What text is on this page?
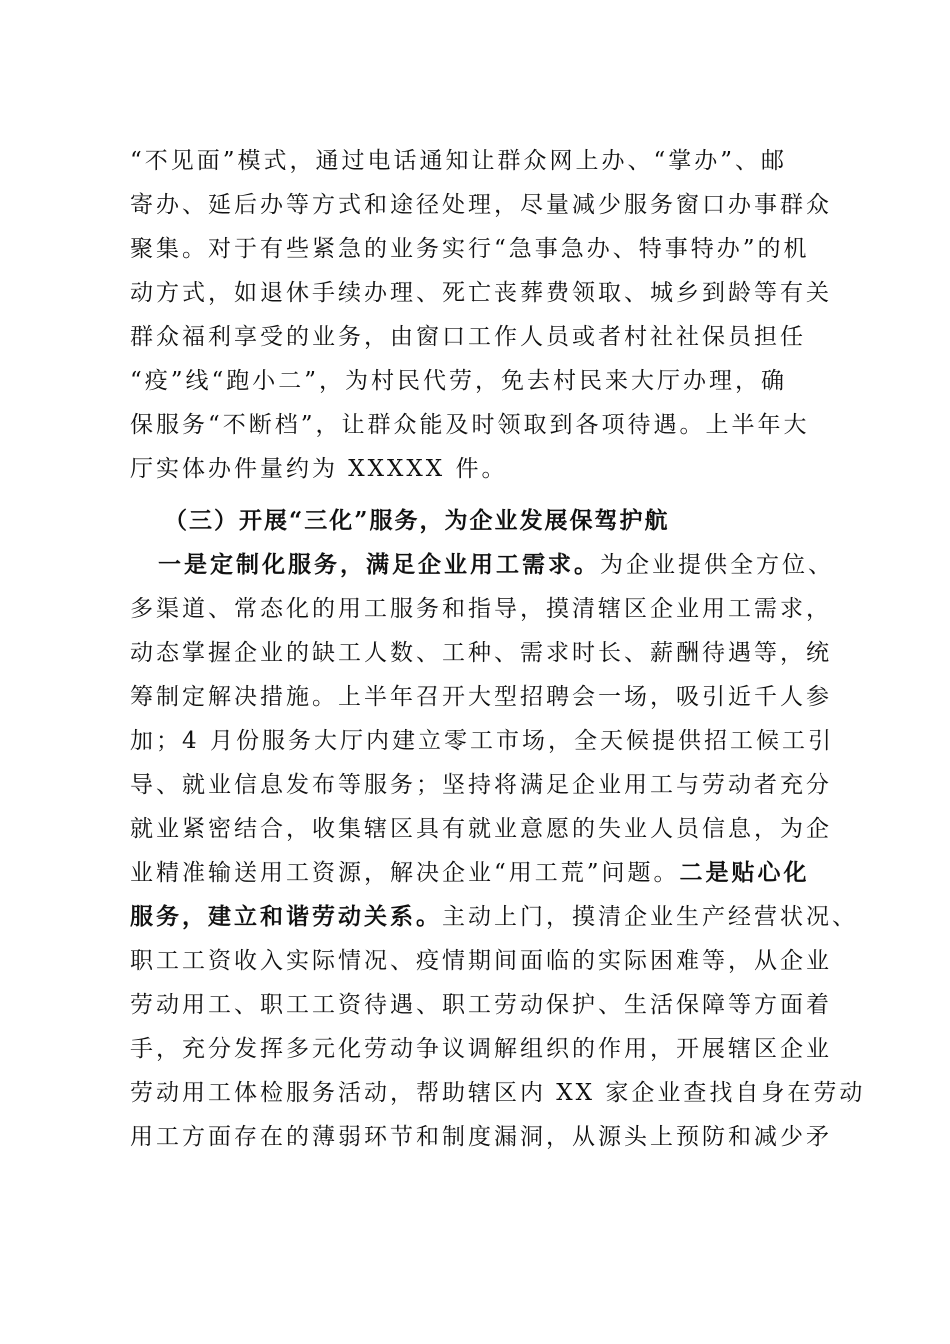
“不见面”模式，通过电话通知让群众网上办、“掌办”、邮
寄办、延后办等方式和途径处理，尽量减少服务窗口办事群众
聚集。对于有些紧急的业务实行“急事急办、特事特办”的机
动方式，如退休手续办理、死亡丧葬费领取、城乡到龄等有关
群众福利享受的业务，由窗口工作人员或者村社社保员担任
“疫”线“跑小二”，为村民代劳，免去村民来大厅办理，确
保服务“不断档”，让群众能及时领取到各项待遇。上半年大
厅实体办件量约为 XXXXX 件。
（三）开展“三化”服务，为企业发展保驾护航
一是定制化服务，满足企业用工需求。为企业提供全方位、
多渠道、常态化的用工服务和指导，摸清辖区企业用工需求，
动态掌握企业的缺工人数、工种、需求时长、薪酬待遇等，统
筹制定解决措施。上半年召开大型招聘会一场，吸引近千人参
加；4 月份服务大厅内建立零工市场，全天候提供招工候工引
导、就业信息发布等服务；坚持将满足企业用工与劳动者充分
就业紧密结合，收集辖区具有就业意愿的失业人员信息，为企
业精准输送用工资源，解决企业“用工荒”问题。二是贴心化
服务，建立和谐劳动关系。主动上门，摸清企业生产经营状况、
职工工资收入实际情况、疫情期间面临的实际困难等，从企业
劳动用工、职工工资待遇、职工劳动保护、生活保障等方面着
手，充分发挥多元化劳动争议调解组织的作用，开展辖区企业
劳动用工体检服务活动，帮助辖区内 XX 家企业查找自身在劳动
用工方面存在的薄弱环节和制度漏洞，从源头上预防和减少矛
